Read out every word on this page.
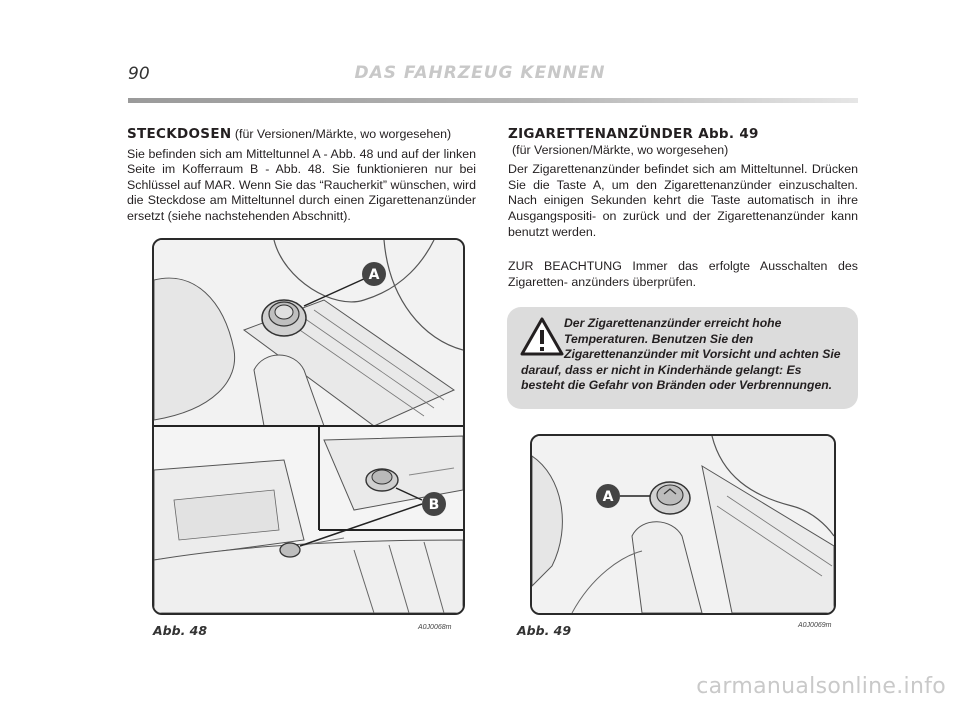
90	DAS FAHRZEUG KENNEN
STECKDOSEN (für Versionen/Märkte, wo worgesehen)

Sie befinden sich am Mitteltunnel A - Abb. 48 und auf der linken Seite im Kofferraum B - Abb. 48. Sie funktionieren nur bei Schlüssel auf MAR. Wenn Sie das “Raucherkit” wünschen, wird die Steckdose am Mitteltunnel durch einen Zigarettenanzünder ersetzt (siehe nachstehenden Abschnitt).

ZIGARETTENANZÜNDER Abb. 49
(für Versionen/Märkte, wo worgesehen)

Der Zigarettenanzünder befindet sich am Mitteltunnel. Drücken Sie die Taste A, um den Zigarettenanzünder einzuschalten. Nach einigen Sekunden kehrt die Taste automatisch in ihre Ausgangspositi- on zurück und der Zigarettenanzünder kann benutzt werden.

ZUR BEACHTUNG Immer das erfolgte Ausschalten des Zigaretten- anzünders überprüfen.

Der Zigarettenanzünder erreicht hohe Temperaturen. Benutzen Sie den Zigarettenanzünder mit Vorsicht und achten Sie darauf, dass er nicht in Kinderhände gelangt: Es besteht die Gefahr von Bränden oder Verbrennungen.
A
B
Abb. 48	A0J0068m
A
Abb. 49	A0J0069m
carmanualsonline.info
